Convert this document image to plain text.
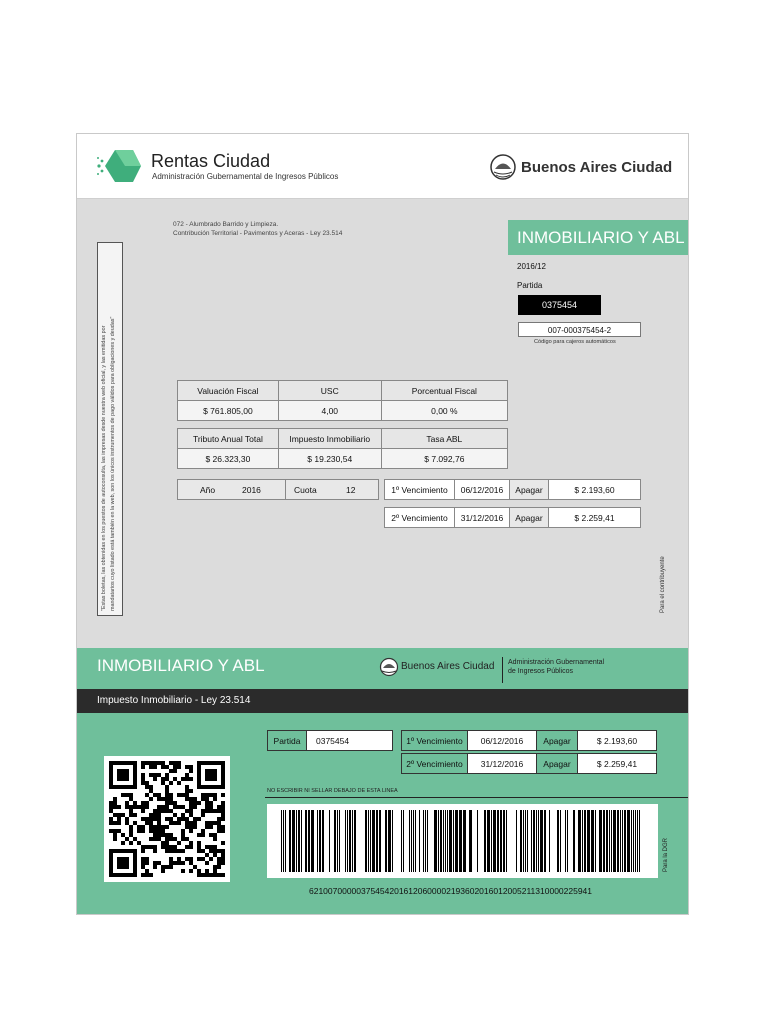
Rentas Ciudad
Administración Gubernamental de Ingresos Públicos
Buenos Aires Ciudad
072 - Alumbrado Barrido y Limpieza.
Contribución Territorial - Pavimentos y Aceras - Ley 23.514
"Estas boletas, las obtenidas en los puestos de autoconsulta, las impresas desde nuestra web oficial, y las emitidas por mandatarios cuyo listado está también en la web, son los únicos instrumentos de pago válidos para obligaciones y deudas"
INMOBILIARIO Y ABL
2016/12
Partida
0375454
007-000375454-2
Código para cajeros automáticos
Valuación Fiscal	USC	Porcentual Fiscal
$ 761.805,00	4,00	0,00 %
Tributo Anual Total	Impuesto Inmobiliario	Tasa ABL
$ 26.323,30	$ 19.230,54	$ 7.092,76
Año	2016	Cuota	12	1º Vencimiento	06/12/2016	Apagar	$ 2.193,60
2º Vencimiento	31/12/2016	Apagar	$ 2.259,41
Para el contribuyente
INMOBILIARIO Y ABL	Buenos Aires Ciudad Administración Gubernamental
de Ingresos Públicos
Impuesto Inmobiliario - Ley 23.514
Partida	0375454	1º Vencimiento	06/12/2016	Apagar	$ 2.193,60
2º Vencimiento	31/12/2016	Apagar	$ 2.259,41
NO ESCRIBIR NI SELLAR DEBAJO DE ESTA LINEA
62100700000375454201612060000219360201601200521131000022594​1
Para la DGR
